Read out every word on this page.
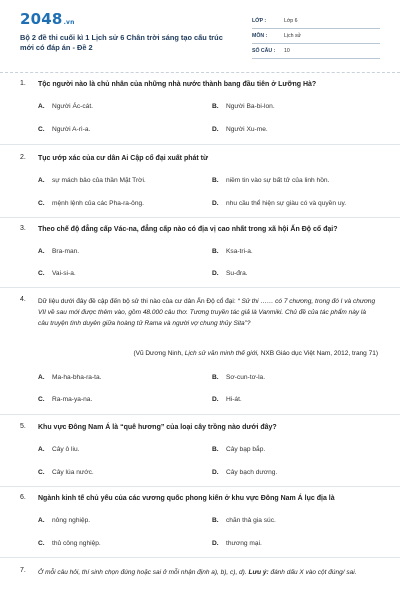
2048.vn
Bộ 2 đề thi cuối kì 1 Lịch sử 6 Chân trời sáng tạo cấu trúc mới có đáp án - Đề 2
LỚP :	Lớp 6
MÔN :	Lịch sử
SỐ CÂU :	10
1. Tộc người nào là chủ nhân của những nhà nước thành bang đầu tiên ở Lưỡng Hà?
A. Người Ác-cát.	B. Người Ba-bi-lon.
C. Người A-rì-a.	D. Người Xu-me.
2. Tục ướp xác của cư dân Ai Cập cổ đại xuất phát từ
A. sự mách bảo của thần Mặt Trời.	B. niềm tin vào sự bất tử của linh hồn.
C. mệnh lệnh của các Pha-ra-ông.	D. nhu cầu thể hiện sự giàu có và quyền uy.
3. Theo chế độ đẳng cấp Vác-na, đẳng cấp nào có địa vị cao nhất trong xã hội Ấn Độ cổ đại?
A. Bra-man.	B. Ksa-tri-a.
C. Vai-si-a.	D. Su-đra.
4. Dữ liệu dưới đây đề cập đến bộ sử thi nào của cư dân Ấn Độ cổ đại: “ Sử thi …… có 7 chương, trong đó I và chương VII về sau mới được thêm vào, gồm 48.000 câu thơ. Tương truyền tác giả là Vanmiki. Chủ đề của tác phẩm này là câu truyện tình duyên giữa hoàng tử Rama và người vợ chung thủy Sita”?
(Vũ Dương Ninh, Lịch sử văn minh thế giới, NXB Giáo dục Việt Nam, 2012, trang 71)
A. Ma-ha-bha-ra-ta.	B. Sơ-cun-tơ-la.
C. Ra-ma-ya-na.	D. Hi-át.
5. Khu vực Đông Nam Á là “quê hương” của loại cây trồng nào dưới đây?
A. Cây ô liu.	B. Cây bạp bắp.
C. Cây lúa nước.	D. Cây bạch dương.
6. Ngành kinh tế chủ yếu của các vương quốc phong kiến ở khu vực Đông Nam Á lục địa là
A. nông nghiệp.	B. chăn thả gia súc.
C. thủ công nghiệp.	D. thương mại.
7. Ở mỗi câu hỏi, thí sinh chọn đúng hoặc sai ở mỗi nhận định a), b), c), d). Lưu ý: đánh dấu X vào cột đúng/ sai.
